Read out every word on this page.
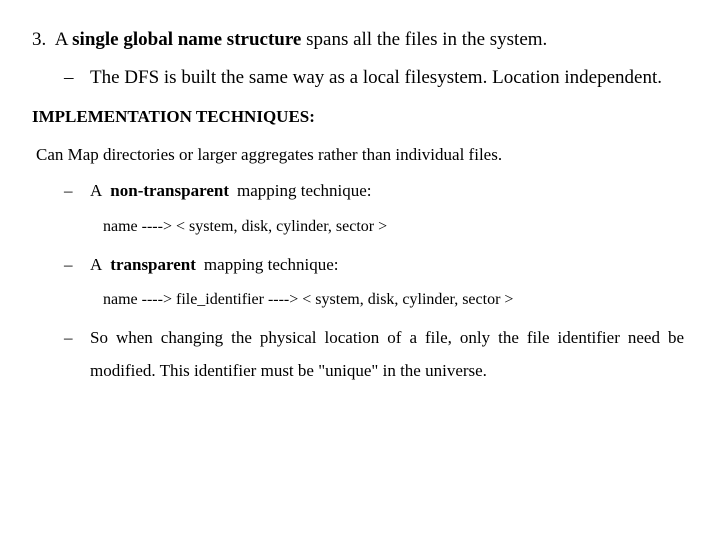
3. A single global name structure spans all the files in the system.
– The DFS is built the same way as a local filesystem. Location independent.
IMPLEMENTATION TECHNIQUES:
Can Map directories or larger aggregates rather than individual files.
– A non-transparent mapping technique:
name ----> < system, disk, cylinder, sector >
– A transparent mapping technique:
name ----> file_identifier ----> < system, disk, cylinder, sector >
– So when changing the physical location of a file, only the file identifier need be
modified. This identifier must be "unique" in the universe.
